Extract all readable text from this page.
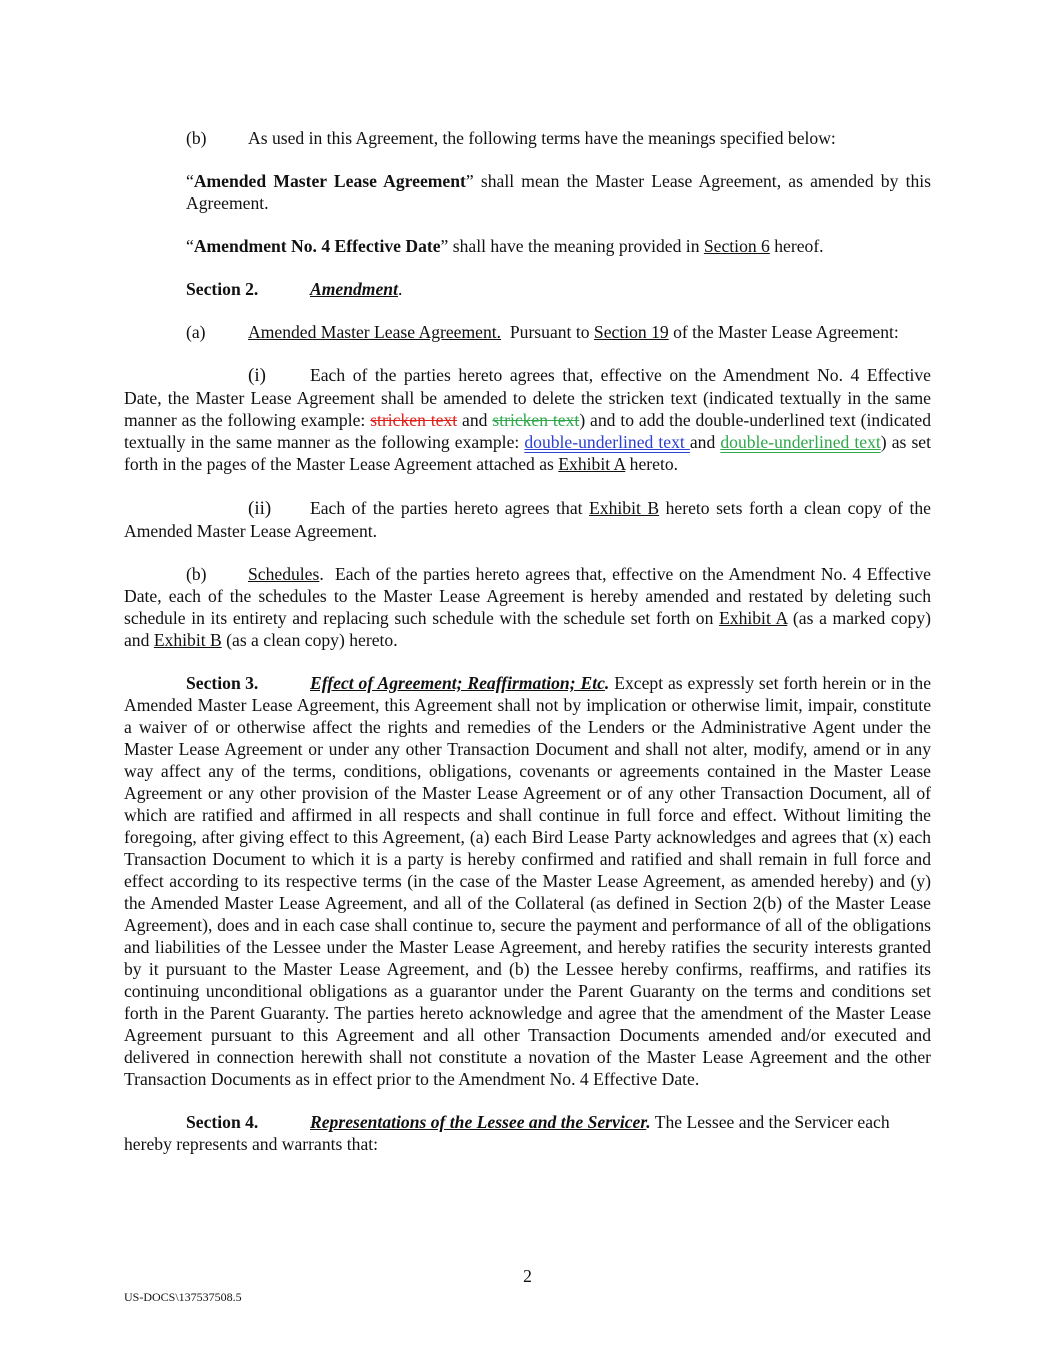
(b) As used in this Agreement, the following terms have the meanings specified below:

“Amended Master Lease Agreement” shall mean the Master Lease Agreement, as amended by this Agreement.

“Amendment No. 4 Effective Date” shall have the meaning provided in Section 6 hereof.

Section 2.	Amendment.

(a) Amended Master Lease Agreement.  Pursuant to Section 19 of the Master Lease Agreement:

(i)	Each of the parties hereto agrees that, effective on the Amendment No. 4 Effective Date, the Master Lease Agreement shall be amended to delete the stricken text (indicated textually in the same manner as the following example: stricken text and stricken text) and to add the double-underlined text (indicated textually in the same manner as the following example: double-underlined text and double-underlined text) as set forth in the pages of the Master Lease Agreement attached as Exhibit A hereto.

(ii) Each of the parties hereto agrees that Exhibit B hereto sets forth a clean copy of the Amended Master Lease Agreement.

(b) Schedules.  Each of the parties hereto agrees that, effective on the Amendment No. 4 Effective Date, each of the schedules to the Master Lease Agreement is hereby amended and restated by deleting such schedule in its entirety and replacing such schedule with the schedule set forth on Exhibit A (as a marked copy) and Exhibit B (as a clean copy) hereto.

Section 3.	Effect of Agreement; Reaffirmation; Etc. Except as expressly set forth herein or in the Amended Master Lease Agreement, this Agreement shall not by implication or otherwise limit, impair, constitute a waiver of or otherwise affect the rights and remedies of the Lenders or the Administrative Agent under the Master Lease Agreement or under any other Transaction Document and shall not alter, modify, amend or in any way affect any of the terms, conditions, obligations, covenants or agreements contained in the Master Lease Agreement or any other provision of the Master Lease Agreement or of any other Transaction Document, all of which are ratified and affirmed in all respects and shall continue in full force and effect. Without limiting the foregoing, after giving effect to this Agreement, (a) each Bird Lease Party acknowledges and agrees that (x) each Transaction Document to which it is a party is hereby confirmed and ratified and shall remain in full force and effect according to its respective terms (in the case of the Master Lease Agreement, as amended hereby) and (y) the Amended Master Lease Agreement, and all of the Collateral (as defined in Section 2(b) of the Master Lease Agreement), does and in each case shall continue to, secure the payment and performance of all of the obligations and liabilities of the Lessee under the Master Lease Agreement, and hereby ratifies the security interests granted by it pursuant to the Master Lease Agreement, and (b) the Lessee hereby confirms, reaffirms, and ratifies its continuing unconditional obligations as a guarantor under the Parent Guaranty on the terms and conditions set forth in the Parent Guaranty. The parties hereto acknowledge and agree that the amendment of the Master Lease Agreement pursuant to this Agreement and all other Transaction Documents amended and/or executed and delivered in connection herewith shall not constitute a novation of the Master Lease Agreement and the other Transaction Documents as in effect prior to the Amendment No. 4 Effective Date.

Section 4.	Representations of the Lessee and the Servicer. The Lessee and the Servicer each hereby represents and warrants that:

2
US-DOCS\137537508.5
